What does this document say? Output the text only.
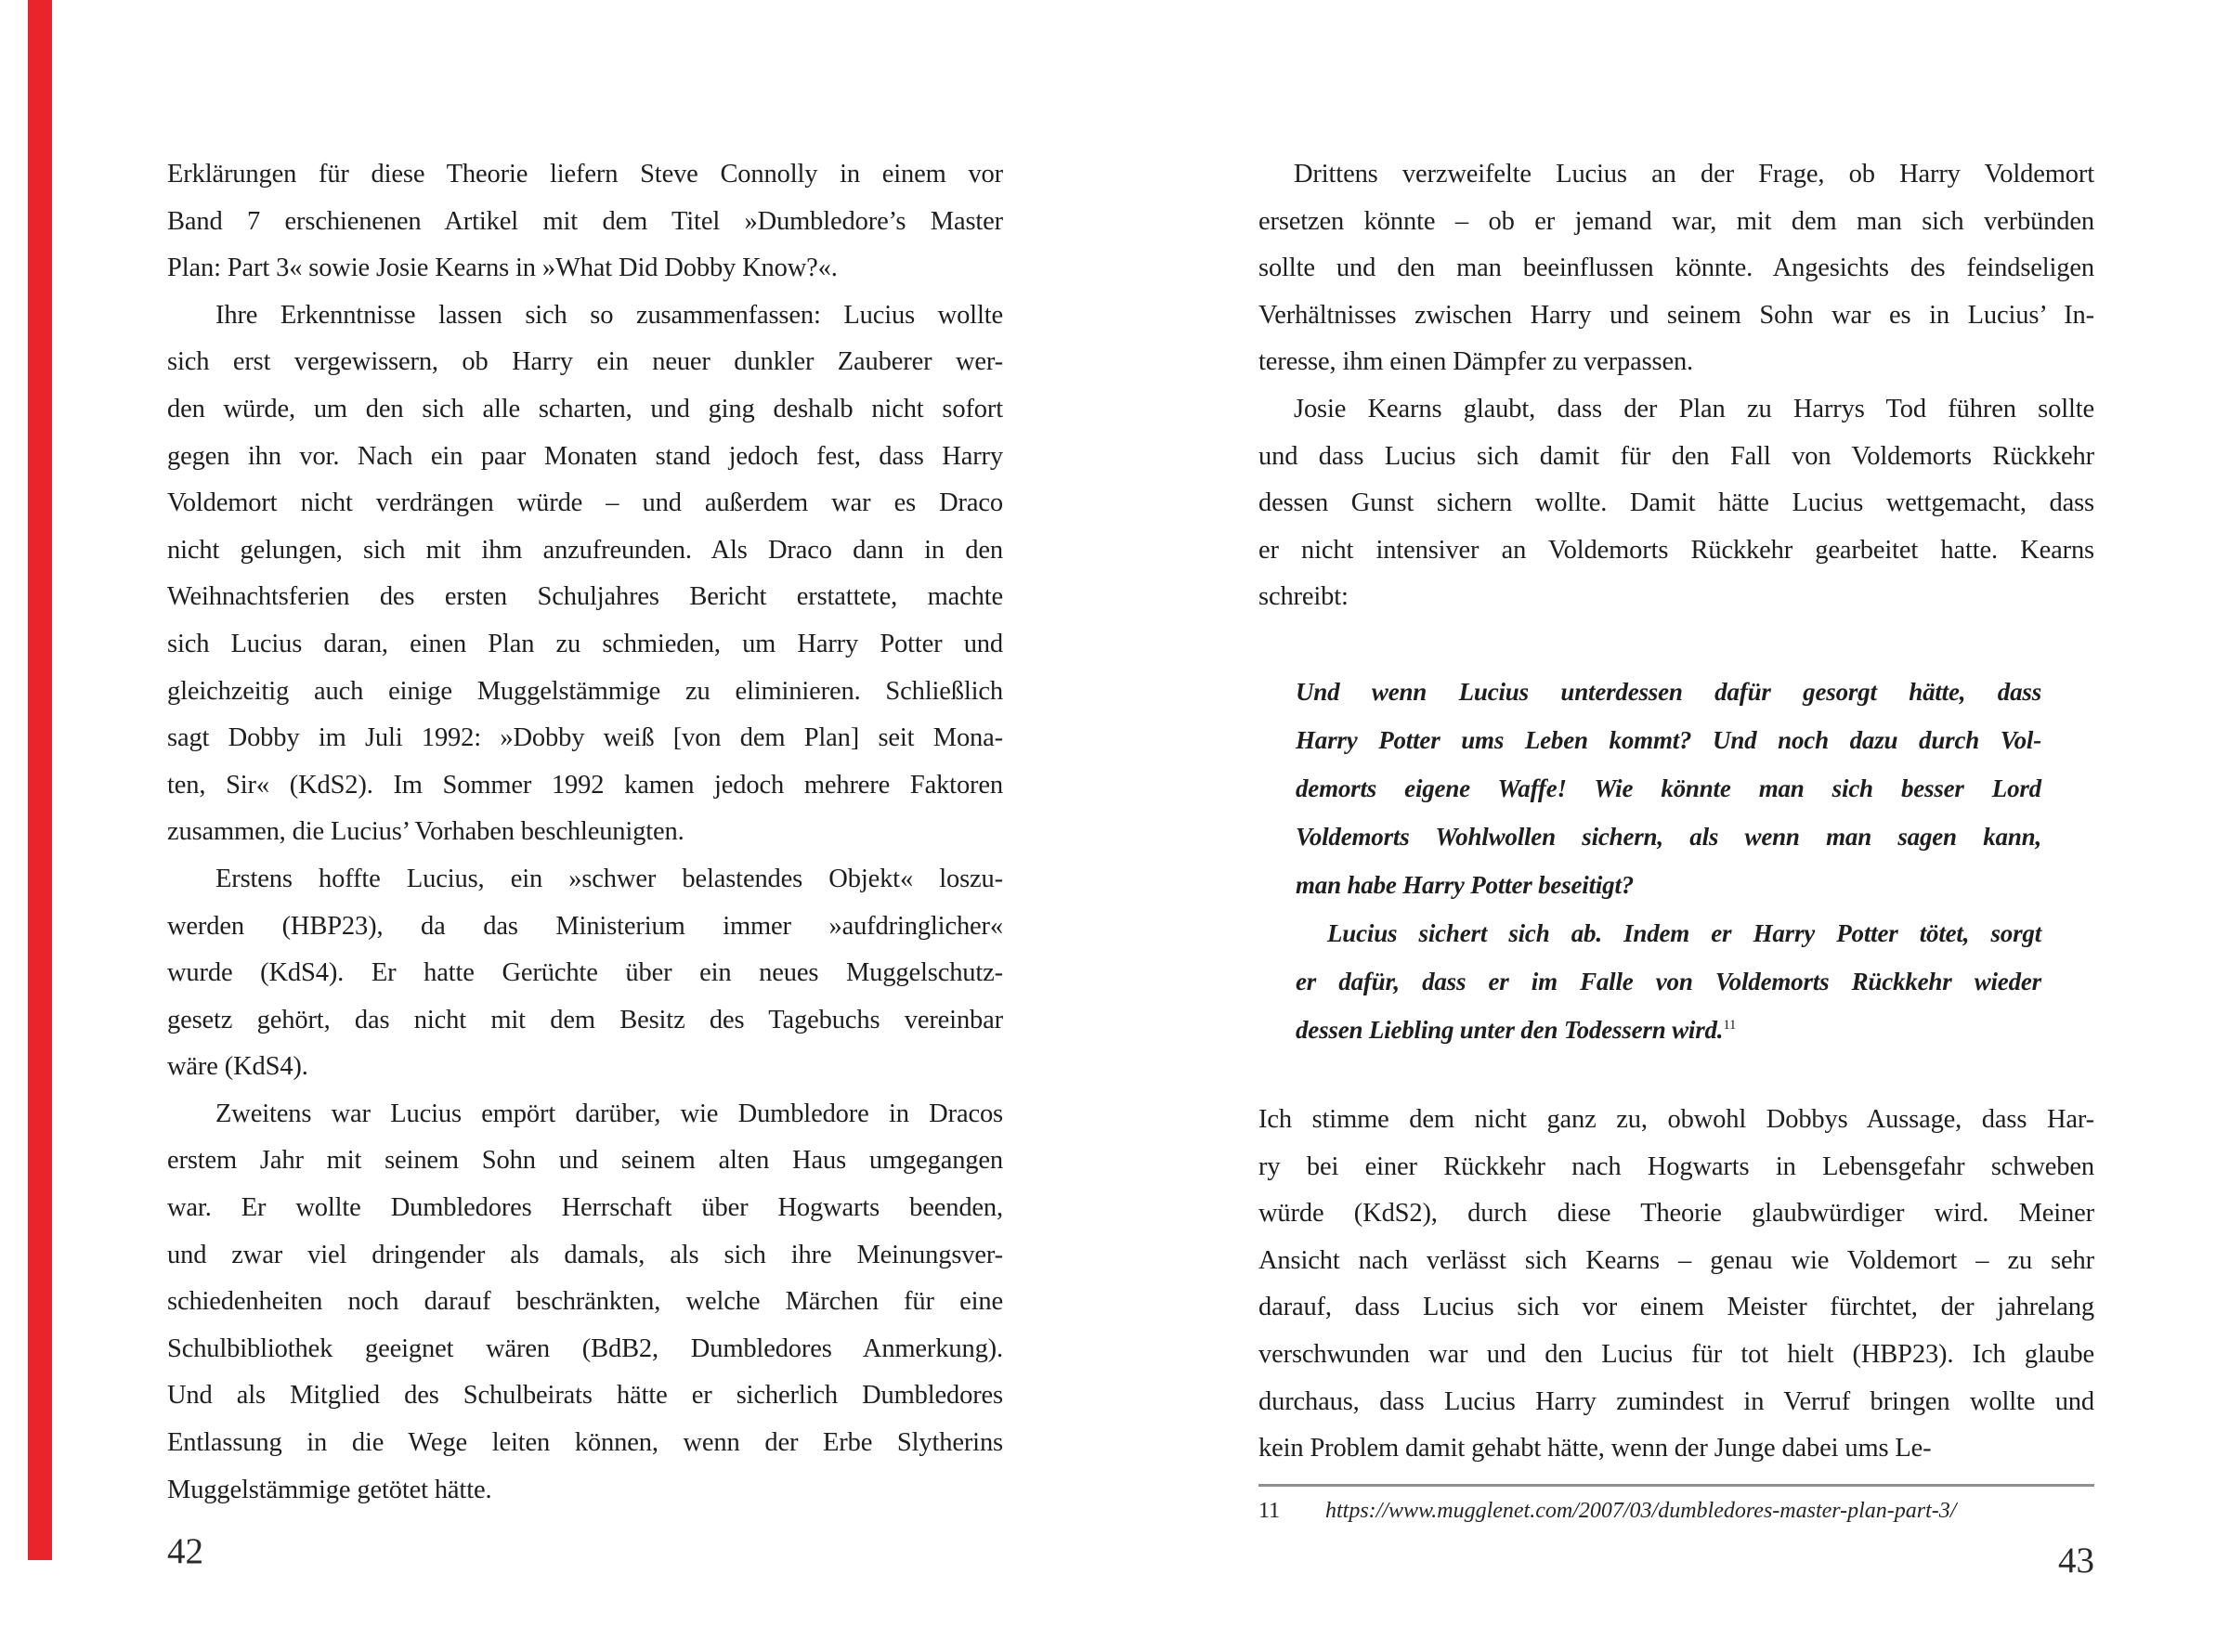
Erklärungen für diese Theorie liefern Steve Connolly in einem vor
Band 7 erschienenen Artikel mit dem Titel »Dumbledore’s Master
Plan: Part 3« sowie Josie Kearns in »What Did Dobby Know?«.
Ihre Erkenntnisse lassen sich so zusammenfassen: Lucius wollte
sich erst vergewissern, ob Harry ein neuer dunkler Zauberer wer-
den würde, um den sich alle scharten, und ging deshalb nicht sofort
gegen ihn vor. Nach ein paar Monaten stand jedoch fest, dass Harry
Voldemort nicht verdrängen würde – und außerdem war es Draco
nicht gelungen, sich mit ihm anzufreunden. Als Draco dann in den
Weihnachtsferien des ersten Schuljahres Bericht erstattete, machte
sich Lucius daran, einen Plan zu schmieden, um Harry Potter und
gleichzeitig auch einige Muggelstämmige zu eliminieren. Schließlich
sagt Dobby im Juli 1992: »Dobby weiß [von dem Plan] seit Mona-
ten, Sir« (KdS2). Im Sommer 1992 kamen jedoch mehrere Faktoren
zusammen, die Lucius’ Vorhaben beschleunigten.
Erstens hoffte Lucius, ein »schwer belastendes Objekt« loszu-
werden (HBP23), da das Ministerium immer »aufdringlicher«
wurde (KdS4). Er hatte Gerüchte über ein neues Muggelschutz-
gesetz gehört, das nicht mit dem Besitz des Tagebuchs vereinbar
wäre (KdS4).
Zweitens war Lucius empört darüber, wie Dumbledore in Dracos
erstem Jahr mit seinem Sohn und seinem alten Haus umgegangen
war. Er wollte Dumbledores Herrschaft über Hogwarts beenden,
und zwar viel dringender als damals, als sich ihre Meinungsver-
schiedenheiten noch darauf beschränkten, welche Märchen für eine
Schulbibliothek geeignet wären (BdB2, Dumbledores Anmerkung).
Und als Mitglied des Schulbeirats hätte er sicherlich Dumbledores
Entlassung in die Wege leiten können, wenn der Erbe Slytherins
Muggelstämmige getötet hätte.
42
Drittens verzweifelte Lucius an der Frage, ob Harry Voldemort
ersetzen könnte – ob er jemand war, mit dem man sich verbünden
sollte und den man beeinflussen könnte. Angesichts des feindseligen
Verhältnisses zwischen Harry und seinem Sohn war es in Lucius’ In-
teresse, ihm einen Dämpfer zu verpassen.
Josie Kearns glaubt, dass der Plan zu Harrys Tod führen sollte
und dass Lucius sich damit für den Fall von Voldemorts Rückkehr
dessen Gunst sichern wollte. Damit hätte Lucius wettgemacht, dass
er nicht intensiver an Voldemorts Rückkehr gearbeitet hatte. Kearns
schreibt:
Und wenn Lucius unterdessen dafür gesorgt hätte, dass
Harry Potter ums Leben kommt? Und noch dazu durch Vol-
demorts eigene Waffe! Wie könnte man sich besser Lord
Voldemorts Wohlwollen sichern, als wenn man sagen kann,
man habe Harry Potter beseitigt?
Lucius sichert sich ab. Indem er Harry Potter tötet, sorgt
er dafür, dass er im Falle von Voldemorts Rückkehr wieder
dessen Liebling unter den Todessern wird.$^{11}$
Ich stimme dem nicht ganz zu, obwohl Dobbys Aussage, dass Har-
ry bei einer Rückkehr nach Hogwarts in Lebensgefahr schweben
würde (KdS2), durch diese Theorie glaubwürdiger wird. Meiner
Ansicht nach verlässt sich Kearns – genau wie Voldemort – zu sehr
darauf, dass Lucius sich vor einem Meister fürchtet, der jahrelang
verschwunden war und den Lucius für tot hielt (HBP23). Ich glaube
durchaus, dass Lucius Harry zumindest in Verruf bringen wollte und
kein Problem damit gehabt hätte, wenn der Junge dabei ums Le-
11 https://www.mugglenet.com/2007/03/dumbledores-master-plan-part-3/
43
